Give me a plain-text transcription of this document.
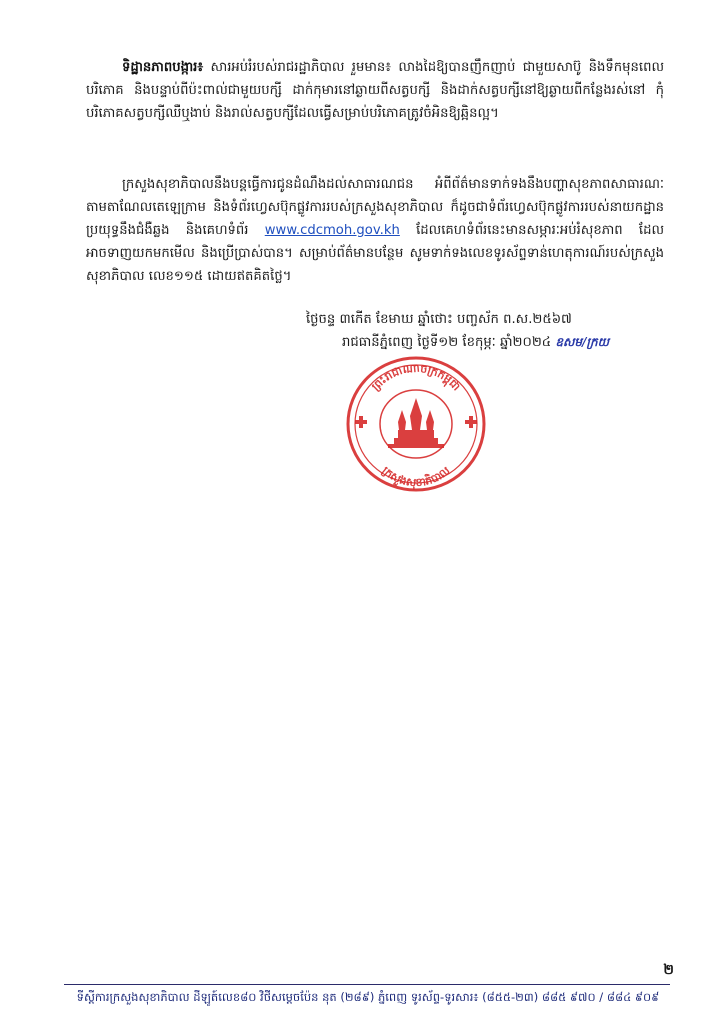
ទិដ្ឋានភាពបង្ការ៖ សារអប់រំរបស់រាជរដ្ឋាភិបាល រួមមាន៖ លាងដៃឱ្យបានញឹកញាប់ ជាមួយសាប៊ូ និងទឹកមុនពេលបរិភោគ និងបន្ទាប់ពីប៉ះពាល់ជាមួយបក្សី ដាក់កុមារនៅឆ្ងាយពីសត្វបក្សី និងដាក់សត្វបក្សីនៅឱ្យឆ្ងាយពីកន្លែងរស់នៅ កុំបរិភោគសត្វបក្សីឈឺឬងាប់ និងរាល់សត្វបក្សីដែលធ្វើសម្រាប់បរិភោគត្រូវចំអិនឱ្យឆ្អិនល្អ។

ក្រសួងសុខាភិបាលនឹងបន្តធ្វើការជូនដំណឹងដល់សាធារណជន អំពីព័ត៌មានទាក់ទងនឹងបញ្ហាសុខភាពសាធារណៈ តាមតាណែលតេឡេក្រាម និងទំព័រហ្វេសប៊ុកផ្លូវការរបស់ក្រសួងសុខាភិបាល ក៏ដូចជាទំព័រហ្វេសប៊ុកផ្លូវការរបស់នាយកដ្ឋានប្រយុទ្ធនឹងជំងឺឆ្លង និងគេហទំព័រ www.cdcmoh.gov.kh ដែលគេហទំព័រនេះមានសម្ភារៈអប់រំសុខភាព ដែលអាចទាញយកមកមើល និងប្រើប្រាស់បាន។ សម្រាប់ព័ត៌មានបន្ថែម សូមទាក់ទងលេខទូរស័ព្ទទាន់ហេតុការណ៍របស់ក្រសួងសុខាភិបាល លេខ១១៥ ដោយឥតគិតថ្លៃ។

ថ្ងៃចន្ទ ៣កើត ខែមាឃ ឆ្នាំថោះ បញ្ចស័ក ព.ស.២៥៦៧
រាជធានីភ្នំពេញ ថ្ងៃទី១២ ខែកុម្ភៈ ឆ្នាំ២០២៤ ឧសម/ក្រយ
ព្រះរាជាណាចក្រកម្ពុជា
ក្រសួងសុខាភិបាល
២
ទីស្តីការក្រសួងសុខាភិបាល ដីឡូត៍លេខ៨០ ​​វិថីសម្តេចប៉ែន នុត (២៨៩) ភ្នំពេញ ទូរស័ព្ទ-ទូរសារ៖ (៨៥៥-២៣) ៨៨៥ ៩៧០ / ៨៨៤ ៩០៩
